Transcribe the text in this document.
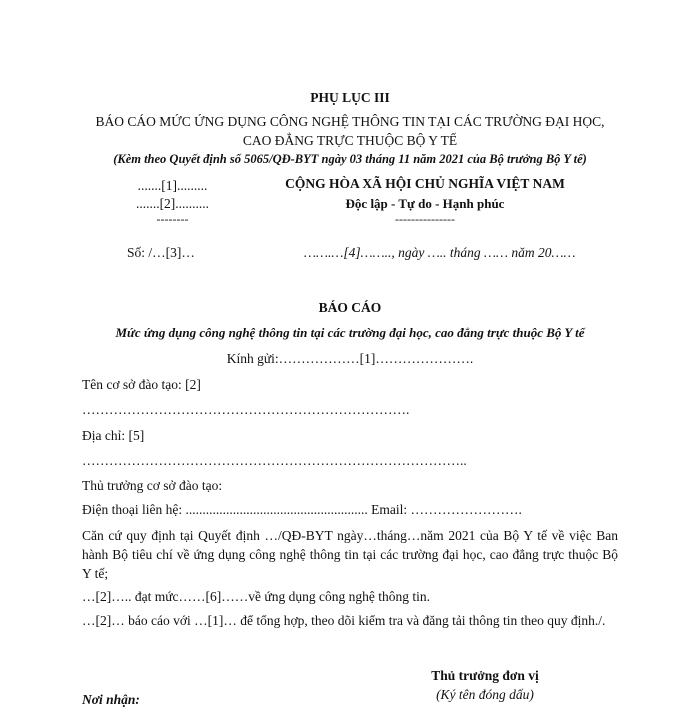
PHỤ LỤC III
BÁO CÁO MỨC ỨNG DỤNG CÔNG NGHỆ THÔNG TIN TẠI CÁC TRƯỜNG ĐẠI HỌC,
CAO ĐẲNG TRỰC THUỘC BỘ Y TẾ
(Kèm theo Quyết định số 5065/QĐ-BYT ngày 03 tháng 11 năm 2021 của Bộ trưởng Bộ Y tế)
.......[1].........
.......[2]..........
--------
CỘNG HÒA XÃ HỘI CHỦ NGHĨA VIỆT NAM
Độc lập - Tự do - Hạnh phúc
---------------
Số: /…[3]…	…….…[4]…….., ngày ….. tháng …… năm 20……
BÁO CÁO
Mức ứng dụng công nghệ thông tin tại các trường đại học, cao đẳng trực thuộc Bộ Y tế
Kính gửi:………………[1]………………….
Tên cơ sở đào tạo: [2]
……………………………………………………………….
Địa chỉ: [5]
…………………………………………………………………………..
Thủ trưởng cơ sở đào tạo:
Điện thoại liên hệ: ...................................................... Email: …………………….
Căn cứ quy định tại Quyết định …/QĐ-BYT ngày…tháng…năm 2021 của Bộ Y tế về việc Ban hành Bộ tiêu chí về ứng dụng công nghệ thông tin tại các trường đại học, cao đẳng trực thuộc Bộ Y tế;
…[2]….. đạt mức……[6]……về ứng dụng công nghệ thông tin.
…[2]… báo cáo với …[1]… để tổng hợp, theo dõi kiểm tra và đăng tải thông tin theo quy định./.
Thủ trưởng đơn vị
(Ký tên đóng dấu)
Nơi nhận:
